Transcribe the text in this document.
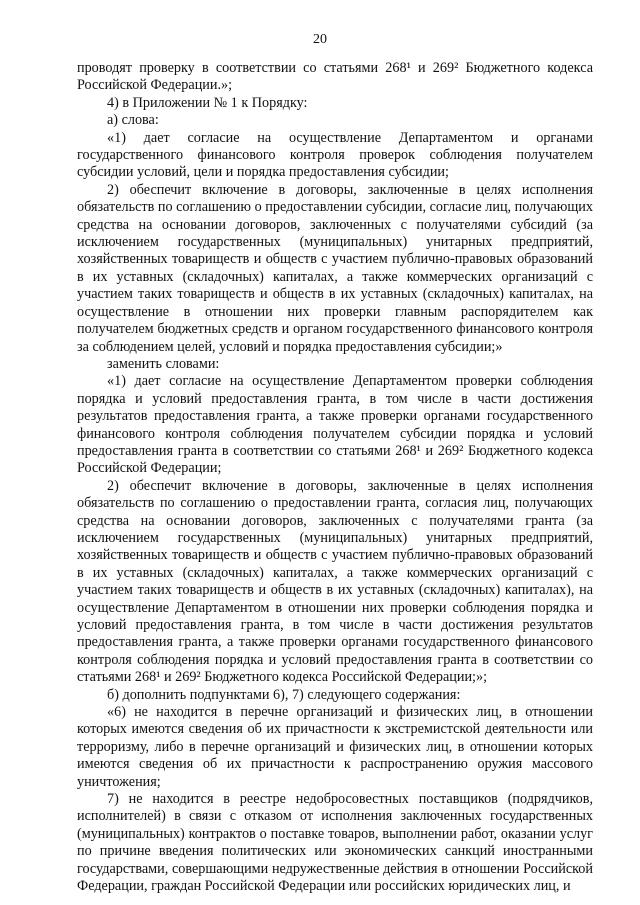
20

проводят проверку в соответствии со статьями 268¹ и 269² Бюджетного кодекса Российской Федерации.»;

4) в Приложении № 1 к Порядку:

а) слова:

«1) дает согласие на осуществление Департаментом и органами государственного финансового контроля проверок соблюдения получателем субсидии условий, цели и порядка предоставления субсидии;

2) обеспечит включение в договоры, заключенные в целях исполнения обязательств по соглашению о предоставлении субсидии, согласие лиц, получающих средства на основании договоров, заключенных с получателями субсидий (за исключением государственных (муниципальных) унитарных предприятий, хозяйственных товариществ и обществ с участием публично-правовых образований в их уставных (складочных) капиталах, а также коммерческих организаций с участием таких товариществ и обществ в их уставных (складочных) капиталах, на осуществление в отношении них проверки главным распорядителем как получателем бюджетных средств и органом государственного финансового контроля за соблюдением целей, условий и порядка предоставления субсидии;»

заменить словами:

«1) дает согласие на осуществление Департаментом проверки соблюдения порядка и условий предоставления гранта, в том числе в части достижения результатов предоставления гранта, а также проверки органами государственного финансового контроля соблюдения получателем субсидии порядка и условий предоставления гранта в соответствии со статьями 268¹ и 269² Бюджетного кодекса Российской Федерации;

2) обеспечит включение в договоры, заключенные в целях исполнения обязательств по соглашению о предоставлении гранта, согласия лиц, получающих средства на основании договоров, заключенных с получателями гранта (за исключением государственных (муниципальных) унитарных предприятий, хозяйственных товариществ и обществ с участием публично-правовых образований в их уставных (складочных) капиталах, а также коммерческих организаций с участием таких товариществ и обществ в их уставных (складочных) капиталах), на осуществление Департаментом в отношении них проверки соблюдения порядка и условий предоставления гранта, в том числе в части достижения результатов предоставления гранта, а также проверки органами государственного финансового контроля соблюдения порядка и условий предоставления гранта в соответствии со статьями 268¹ и 269² Бюджетного кодекса Российской Федерации;»;

б) дополнить подпунктами 6), 7) следующего содержания:

«6) не находится в перечне организаций и физических лиц, в отношении которых имеются сведения об их причастности к экстремистской деятельности или терроризму, либо в перечне организаций и физических лиц, в отношении которых имеются сведения об их причастности к распространению оружия массового уничтожения;

7) не находится в реестре недобросовестных поставщиков (подрядчиков, исполнителей) в связи с отказом от исполнения заключенных государственных (муниципальных) контрактов о поставке товаров, выполнении работ, оказании услуг по причине введения политических или экономических санкций иностранными государствами, совершающими недружественные действия в отношении Российской Федерации, граждан Российской Федерации или российских юридических лиц, и
